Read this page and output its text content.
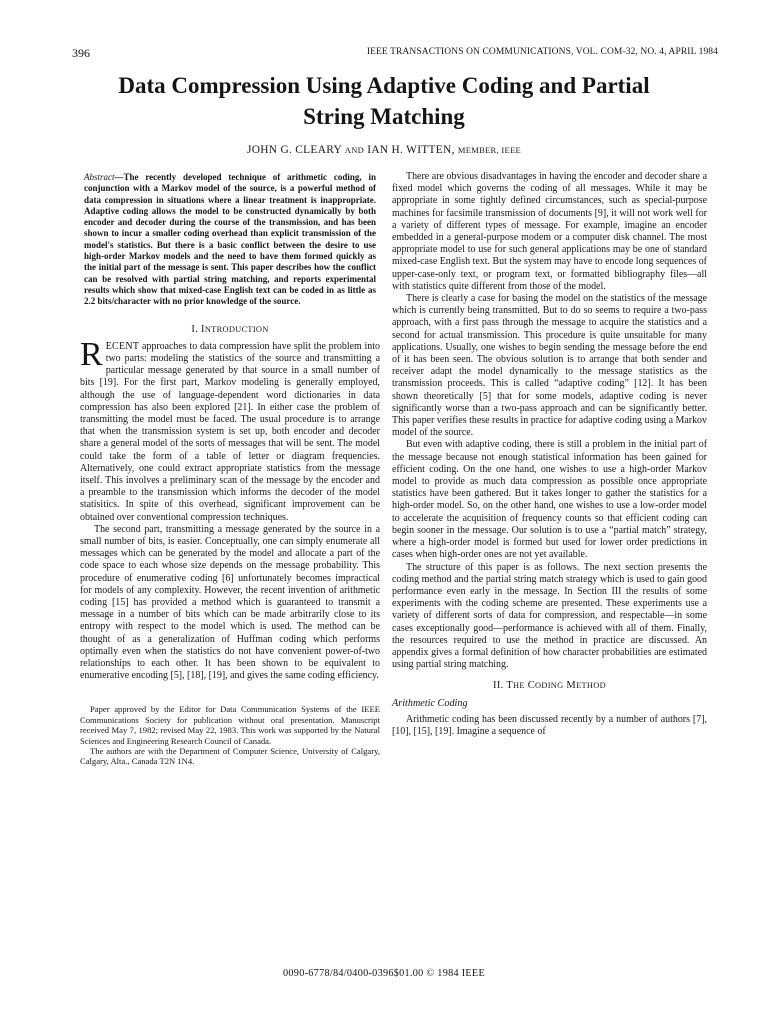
396	IEEE TRANSACTIONS ON COMMUNICATIONS, VOL. COM-32, NO. 4, APRIL 1984
Data Compression Using Adaptive Coding and Partial
String Matching
JOHN G. CLEARY AND IAN H. WITTEN, MEMBER, IEEE

Abstract—The recently developed technique of arithmetic coding, in conjunction with a Markov model of the source, is a powerful method of data compression in situations where a linear treatment is inappropriate. Adaptive coding allows the model to be constructed dynamically by both encoder and decoder during the course of the transmission, and has been shown to incur a smaller coding overhead than explicit transmission of the model's statistics. But there is a basic conflict between the desire to use high-order Markov models and the need to have them formed quickly as the initial part of the message is sent. This paper describes how the conflict can be resolved with partial string matching, and reports experimental results which show that mixed-case English text can be coded in as little as 2.2 bits/character with no prior knowledge of the source.

I. INTRODUCTION

RECENT approaches to data compression have split the problem into two parts: modeling the statistics of the source and transmitting a particular message generated by that source in a small number of bits [19]. For the first part, Markov modeling is generally employed, although the use of language-dependent word dictionaries in data compression has also been explored [21]. In either case the problem of transmitting the model must be faced. The usual procedure is to arrange that when the transmission system is set up, both encoder and decoder share a general model of the sorts of messages that will be sent. The model could take the form of a table of letter or diagram frequencies. Alternatively, one could extract appropriate statistics from the message itself. This involves a preliminary scan of the message by the encoder and a preamble to the transmission which informs the decoder of the model statisitics. In spite of this overhead, significant improvement can be obtained over conventional compression techniques.

The second part, transmitting a message generated by the source in a small number of bits, is easier. Conceptually, one can simply enumerate all messages which can be generated by the model and allocate a part of the code space to each whose size depends on the message probability. This procedure of enumerative coding [6] unfortunately becomes impractical for models of any complexity. However, the recent invention of arithmetic coding [15] has provided a method which is guaranteed to transmit a message in a number of bits which can be made arbitrarily close to its entropy with respect to the model which is used. The method can be thought of as a generalization of Huffman coding which performs optimally even when the statistics do not have convenient power-of-two relationships to each other. It has been shown to be equivalent to enumerative encoding [5], [18], [19], and gives the same coding efficiency.

Paper approved by the Editor for Data Communication Systems of the IEEE Communications Society for publication without oral presentation. Manuscript received May 7, 1982; revised May 22, 1983. This work was supported by the Natural Sciences and Engineering Research Council of Canada.

The authors are with the Department of Computer Science, University of Calgary, Calgary, Alta., Canada T2N 1N4.

There are obvious disadvantages in having the encoder and decoder share a fixed model which governs the coding of all messages. While it may be appropriate in some tightly defined circumstances, such as special-purpose machines for facsimile transmission of documents [9], it will not work well for a variety of different types of message. For example, imagine an encoder embedded in a general-purpose modem or a computer disk channel. The most appropriate model to use for such general applications may be one of standard mixed-case English text. But the system may have to encode long sequences of upper-case-only text, or program text, or formatted bibliography files—all with statistics quite different from those of the model.

There is clearly a case for basing the model on the statistics of the message which is currently being transmitted. But to do so seems to require a two-pass approach, with a first pass through the message to acquire the statistics and a second for actual transmission. This procedure is quite unsuitable for many applications. Usually, one wishes to begin sending the message before the end of it has been seen. The obvious solution is to arrange that both sender and receiver adapt the model dynamically to the message statistics as the transmission proceeds. This is called “adaptive coding” [12]. It has been shown theoretically [5] that for some models, adaptive coding is never significantly worse than a two-pass approach and can be significantly better. This paper verifies these results in practice for adaptive coding using a Markov model of the source.

But even with adaptive coding, there is still a problem in the initial part of the message because not enough statistical information has been gained for efficient coding. On the one hand, one wishes to use a high-order Markov model to provide as much data compression as possible once appropriate statistics have been gathered. But it takes longer to gather the statistics for a high-order model. So, on the other hand, one wishes to use a low-order model to accelerate the acquisition of frequency counts so that efficient coding can begin sooner in the message. Our solution is to use a “partial match” strategy, where a high-order model is formed but used for lower order predictions in cases when high-order ones are not yet available.

The structure of this paper is as follows. The next section presents the coding method and the partial string match strategy which is used to gain good performance even early in the message. In Section III the results of some experiments with the coding scheme are presented. These experiments use a variety of different sorts of data for compression, and respectable—in some cases exceptionally good—performance is achieved with all of them. Finally, the resources required to use the method in practice are discussed. An appendix gives a formal definition of how character probabilities are estimated using partial string matching.

II. THE CODING METHOD
Arithmetic Coding

Arithmetic coding has been discussed recently by a number of authors [7], [10], [15], [19]. Imagine a sequence of

0090-6778/84/0400-0396$01.00 © 1984 IEEE
